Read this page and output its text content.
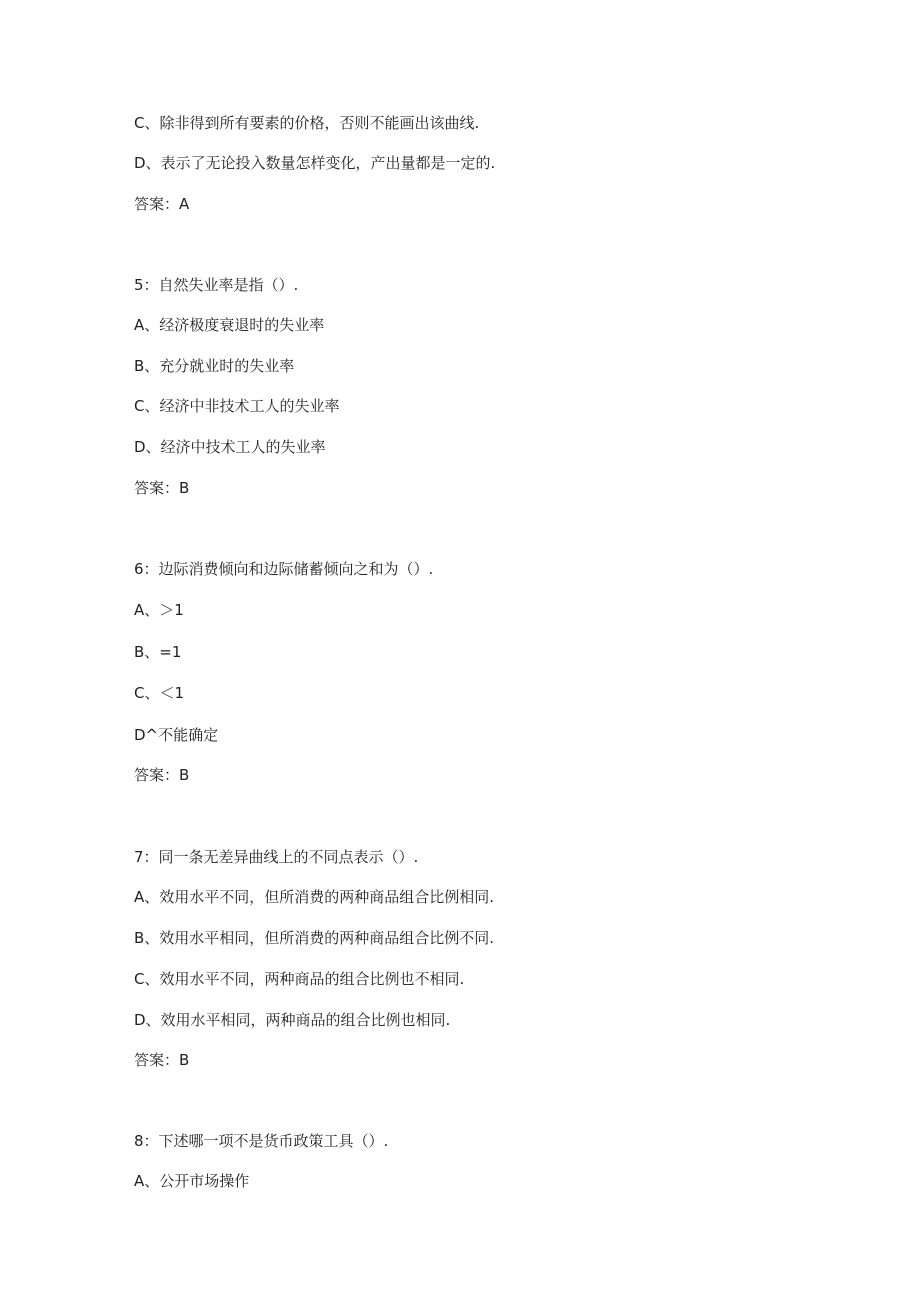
C、除非得到所有要素的价格，否则不能画出该曲线.

D、表示了无论投入数量怎样变化，产出量都是一定的.

答案：A

5：自然失业率是指（）.

A、经济极度衰退时的失业率

B、充分就业时的失业率

C、经济中非技术工人的失业率

D、经济中技术工人的失业率

答案：B

6：边际消费倾向和边际储蓄倾向之和为（）.

A、＞1

B、=1

C、＜1

D^不能确定

答案：B

7：同一条无差异曲线上的不同点表示（）.

A、效用水平不同，但所消费的两种商品组合比例相同.

B、效用水平相同，但所消费的两种商品组合比例不同.

C、效用水平不同，两种商品的组合比例也不相同.

D、效用水平相同，两种商品的组合比例也相同.

答案：B

8：下述哪一项不是货币政策工具（）.

A、公开市场操作
